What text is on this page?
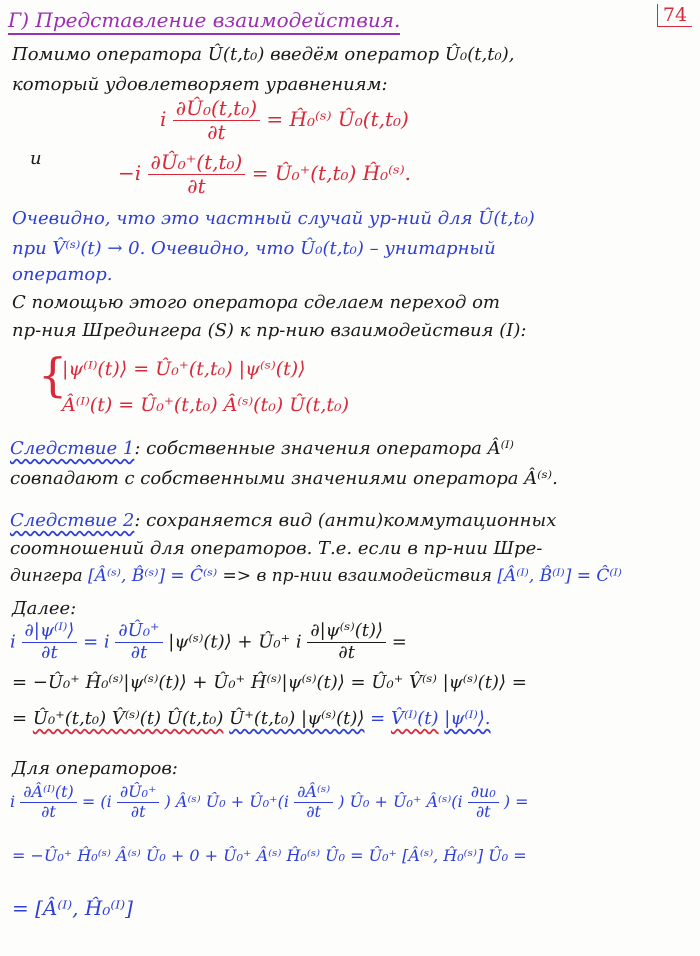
74
Г) Представление взаимодействия.
Помимо оператора Û(t,t₀) введём оператор Û₀(t,t₀),
который удовлетворяет уравнениям:
i $\frac{\text{∂Û₀(t,t₀)}}{\partial t}$ = Ĥ₀⁽ˢ⁾ Û₀(t,t₀)
и
$-i \frac{\text{∂Û₀⁺(t,t₀)}}{\partial t}$ = Û₀⁺(t,t₀) Ĥ₀⁽ˢ⁾.
Очевидно, что это частный случай ур-ний для Û(t,t₀)
при V̂⁽ˢ⁾(t) → 0. Очевидно, что Û₀(t,t₀) – унитарный
оператор.
С помощью этого оператора сделаем переход от
пр-ния Шредингера (S) к пр-нию взаимодействия (I):
{
|ψ⁽ᴵ⁾(t)⟩ = Û₀⁺(t,t₀) |ψ⁽ˢ⁾(t)⟩
Â⁽ᴵ⁾(t) = Û₀⁺(t,t₀) Â⁽ˢ⁾(t₀) Û(t,t₀)
Следствие 1: собственные значения оператора Â⁽ᴵ⁾
совпадают с собственными значениями оператора Â⁽ˢ⁾.
Следствие 2: сохраняется вид (анти)коммутационных
соотношений для операторов. Т.е. если в пр-нии Шре-
дингера [Â⁽ˢ⁾, B̂⁽ˢ⁾] = Ĉ⁽ˢ⁾ => в пр-нии взаимодействия [Â⁽ᴵ⁾, B̂⁽ᴵ⁾] = Ĉ⁽ᴵ⁾
Далее:
i $\frac{\text{∂|ψ⁽ᴵ⁾⟩}}{\partial t} = i \frac{\text{∂Û₀⁺}}{\partial t}$ |ψ⁽ˢ⁾(t)⟩ + Û₀⁺ i $\frac{\text{∂|ψ⁽ˢ⁾(t)⟩}}{\partial t}$ =
= −Û₀⁺ Ĥ₀⁽ˢ⁾|ψ⁽ˢ⁾(t)⟩ + Û₀⁺ Ĥ⁽ˢ⁾|ψ⁽ˢ⁾(t)⟩ = Û₀⁺ V̂⁽ˢ⁾ |ψ⁽ˢ⁾(t)⟩ =
= Û₀⁺(t,t₀) V̂⁽ˢ⁾(t) Û(t,t₀) Û⁺(t,t₀) |ψ⁽ˢ⁾(t)⟩ = V̂⁽ᴵ⁾(t) |ψ⁽ᴵ⁾⟩.
Для операторов:
i $\frac{\text{∂Â⁽ᴵ⁾(t)}}{\partial t} = (i \frac{\text{∂Û₀⁺}}{\partial t}$ ) Â⁽ˢ⁾ Û₀ + Û₀⁺(i $\frac{\text{∂Â⁽ˢ⁾}}{\partial t}$ ) Û₀ + Û₀⁺ Â⁽ˢ⁾(i $\frac{\text{∂u₀}}{\partial t}$ ) =
= −Û₀⁺ Ĥ₀⁽ˢ⁾ Â⁽ˢ⁾ Û₀ + 0 + Û₀⁺ Â⁽ˢ⁾ Ĥ₀⁽ˢ⁾ Û₀ = Û₀⁺ [Â⁽ˢ⁾, Ĥ₀⁽ˢ⁾] Û₀ =
= [Â⁽ᴵ⁾, Ĥ₀⁽ᴵ⁾]
